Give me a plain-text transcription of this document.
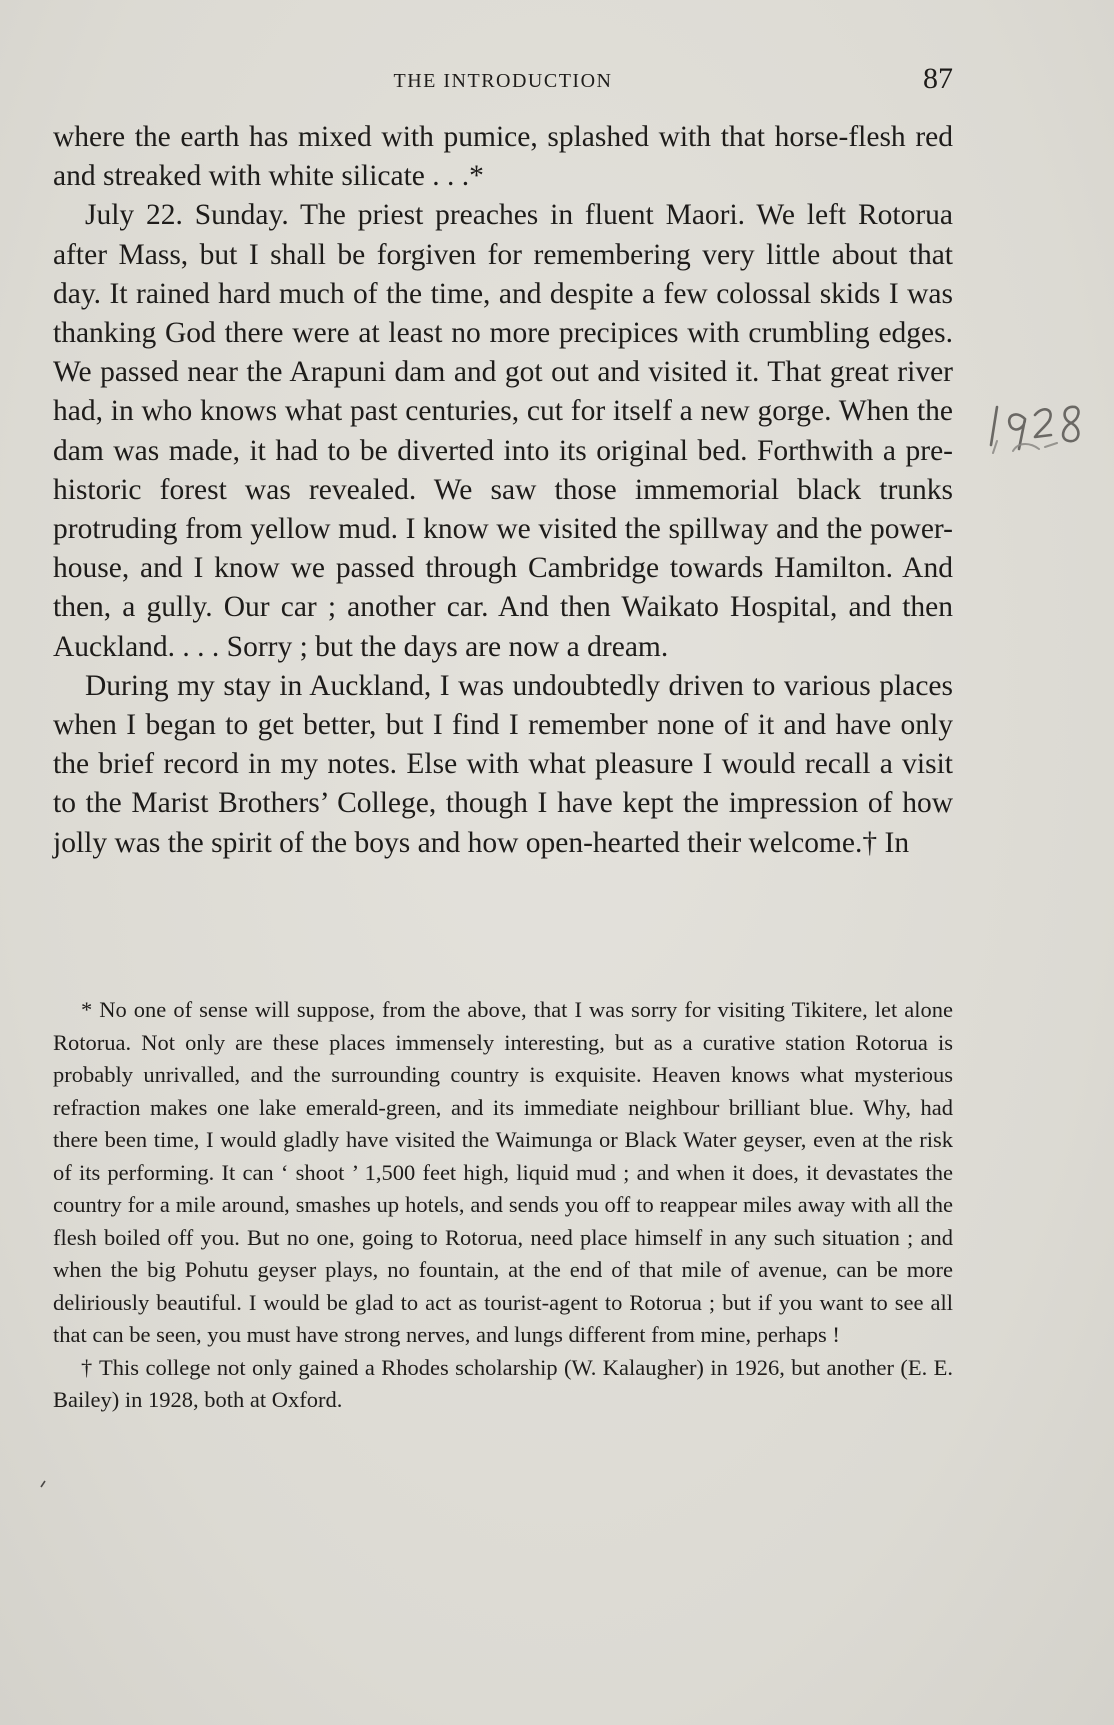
THE INTRODUCTION	87

where the earth has mixed with pumice, splashed with that horse-flesh red and streaked with white silicate . . .*

July 22. Sunday. The priest preaches in fluent Maori. We left Rotorua after Mass, but I shall be forgiven for remembering very little about that day. It rained hard much of the time, and despite a few colossal skids I was thanking God there were at least no more precipices with crumbling edges. We passed near the Arapuni dam and got out and visited it. That great river had, in who knows what past centuries, cut for itself a new gorge. When the dam was made, it had to be diverted into its original bed. Forthwith a pre-historic forest was revealed. We saw those immemorial black trunks protruding from yellow mud. I know we visited the spillway and the power-house, and I know we passed through Cambridge towards Hamilton. And then, a gully. Our car ; another car. And then Waikato Hospital, and then Auckland. . . . Sorry ; but the days are now a dream.

During my stay in Auckland, I was undoubtedly driven to various places when I began to get better, but I find I remember none of it and have only the brief record in my notes. Else with what pleasure I would recall a visit to the Marist Brothers’ College, though I have kept the impression of how jolly was the spirit of the boys and how open-hearted their welcome.† In

* No one of sense will suppose, from the above, that I was sorry for visiting Tikitere, let alone Rotorua. Not only are these places immensely interesting, but as a curative station Rotorua is probably unrivalled, and the surrounding country is exquisite. Heaven knows what mysterious refraction makes one lake emerald-green, and its immediate neighbour brilliant blue. Why, had there been time, I would gladly have visited the Waimunga or Black Water geyser, even at the risk of its performing. It can ‘ shoot ’ 1,500 feet high, liquid mud ; and when it does, it devastates the country for a mile around, smashes up hotels, and sends you off to reappear miles away with all the flesh boiled off you. But no one, going to Rotorua, need place himself in any such situation ; and when the big Pohutu geyser plays, no fountain, at the end of that mile of avenue, can be more deliriously beautiful. I would be glad to act as tourist-agent to Rotorua ; but if you want to see all that can be seen, you must have strong nerves, and lungs different from mine, perhaps !

† This college not only gained a Rhodes scholarship (W. Kalaugher) in 1926, but another (E. E. Bailey) in 1928, both at Oxford.
